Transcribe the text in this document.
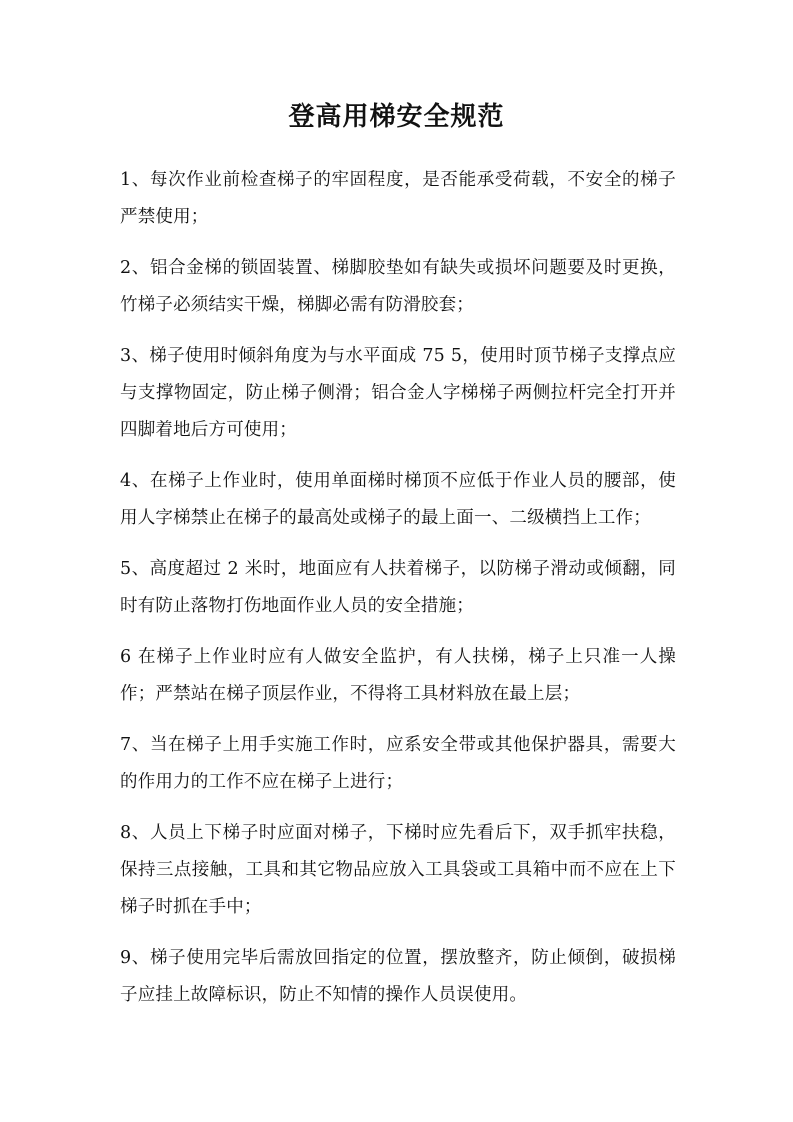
登高用梯安全规范
1、每次作业前检查梯子的牢固程度，是否能承受荷载，不安全的梯子严禁使用；
2、铝合金梯的锁固装置、梯脚胶垫如有缺失或损坏问题要及时更换，竹梯子必须结实干燥，梯脚必需有防滑胶套；
3、梯子使用时倾斜角度为与水平面成 75 5，使用时顶节梯子支撑点应与支撑物固定，防止梯子侧滑；铝合金人字梯梯子两侧拉杆完全打开并四脚着地后方可使用；
4、在梯子上作业时，使用单面梯时梯顶不应低于作业人员的腰部，使用人字梯禁止在梯子的最高处或梯子的最上面一、二级横挡上工作；
5、高度超过 2 米时，地面应有人扶着梯子，以防梯子滑动或倾翻，同时有防止落物打伤地面作业人员的安全措施；
6 在梯子上作业时应有人做安全监护，有人扶梯，梯子上只准一人操作；严禁站在梯子顶层作业，不得将工具材料放在最上层；
7、当在梯子上用手实施工作时，应系安全带或其他保护器具，需要大的作用力的工作不应在梯子上进行；
8、人员上下梯子时应面对梯子，下梯时应先看后下，双手抓牢扶稳，保持三点接触，工具和其它物品应放入工具袋或工具箱中而不应在上下梯子时抓在手中；
9、梯子使用完毕后需放回指定的位置，摆放整齐，防止倾倒，破损梯子应挂上故障标识，防止不知情的操作人员误使用。
